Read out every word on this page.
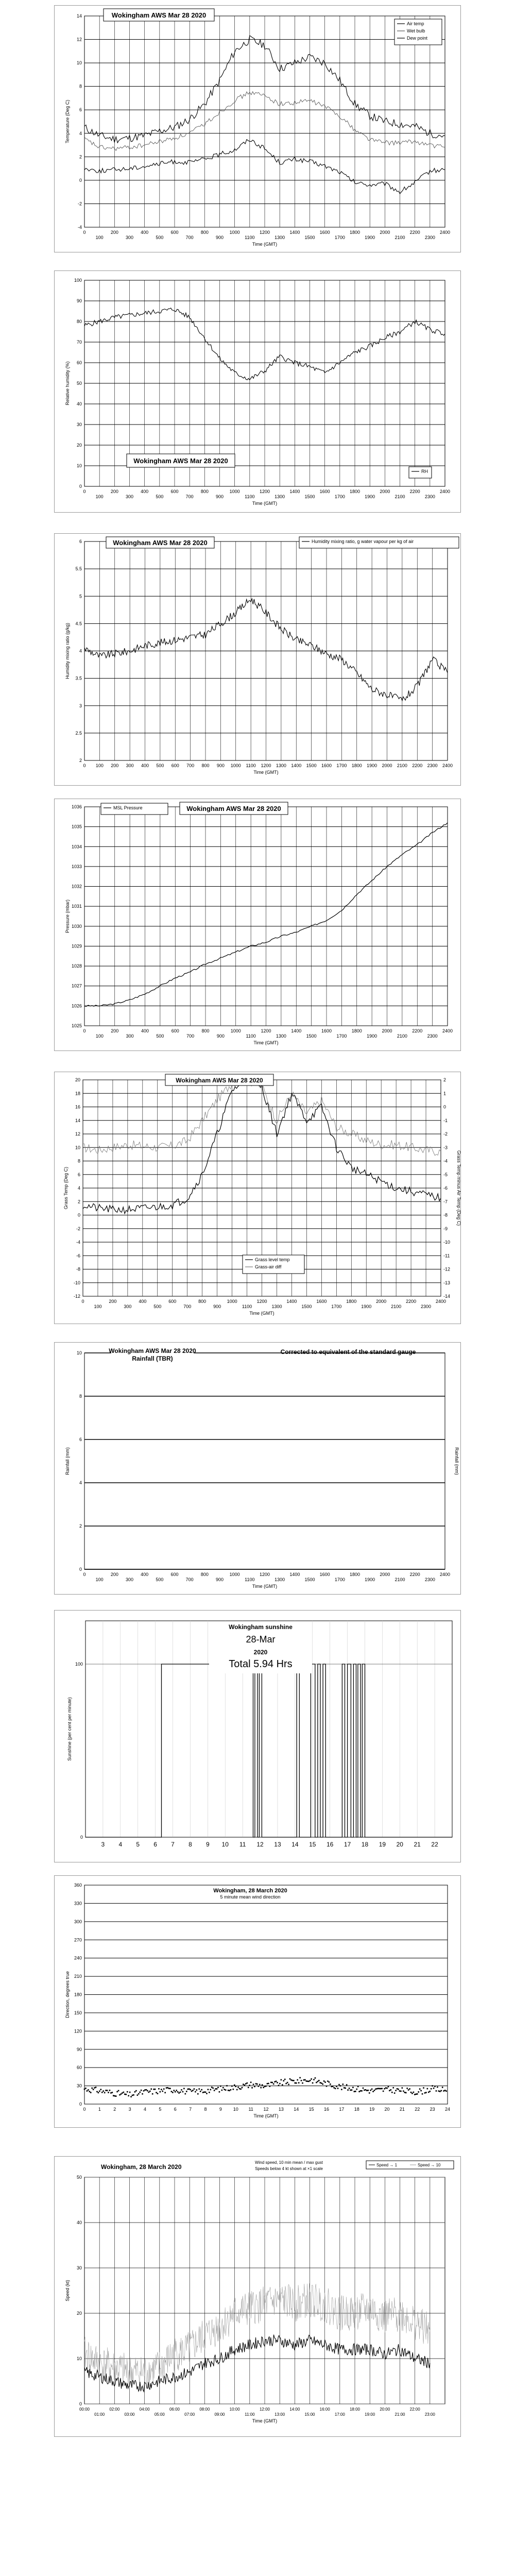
-4
-2
0
2
4
6
8
10
12
14
0
100
200
300
400
500
600
700
800
900
1000
1100
1200
1300
1400
1500
1600
1700
1800
1900
2000
2100
2200
2300
2400
Time (GMT)
Temperature (Deg C)
Wokingham AWS Mar 28 2020
Air temp
Wet bulb
Dew point
0
10
20
30
40
50
60
70
80
90
100
0
100
200
300
400
500
600
700
800
900
1000
1100
1200
1300
1400
1500
1600
1700
1800
1900
2000
2100
2200
2300
2400
Time (GMT)
Relative humidity (%)
Wokingham AWS Mar 28 2020
RH
2
2.5
3
3.5
4
4.5
5
5.5
6
0 100 200 300 400 500 600 700 800 900 1000 1100 1200 1300 1400 1500 1600 1700 1800 1900 2000 2100 2200 2300 2400
Time (GMT)
Humidity mixing ratio (g/kg)
Wokingham AWS Mar 28 2020	Humidity mixing ratio, g water vapour per kg of air
1025
1026
1027
1028
1029
1030
1031
1032
1033
1034
1035
1036
0
100
200
300
400
500
600
700
800
900
1000
1100
1200
1300
1400
1500
1600
1700
1800
1900
2000
2100
2200
2300
2400
Time (GMT)
Pressure (mbar)
MSL Pressure	Wokingham AWS Mar 28 2020
-12
-10
-8
-6
-4
-2
0
2
4
6
8
10
12
14
16
18
20
0
100
200
300
400
500
600
700
800
900
1000
1100
1200
1300
1400
1500
1600
1700
1800
1900
2000
2100
2200
2300
2400
Time (GMT)
Grass Temp (Deg C)
-14
-13
-12
-11
-10
-9
-8
-7
-6
-5
-4
-3
-2
-1
0
1
2
Grass Temp minus Air Temp (Deg C)
Wokingham AWS Mar 28 2020
Grass level temp
Grass-air diff
0
2
4
6
8
10
0
100
200
300
400
500
600
700
800
900
1000
1100
1200
1300
1400
1500
1600
1700
1800
1900
2000
2100
2200
2300
2400
Time (GMT)
Rainfall (mm)	Rainfall (mm)
Wokingham AWS Mar 28 2020
Rainfall (TBR)
Corrected to equivalent of the standard gauge
3 4 5 6 7 8 9 10 11 12 13 14 15 16 17 18 19 20 21 22
0
100
Sunshine (per cent per minute)
Wokingham sunshine
28-Mar
2020
Total 5.94 Hrs
0
30
60
90
120
150
180
210
240
270
300
330
360
0	1	2	3	4	5	6	7	8	9 10 11 12 13 14 15 16 17 18 19 20 21 22 23 24
Time (GMT)
Direction, degrees true
Wokingham, 28 March 2020
5 minute mean wind direction
0
10
20
30
40
50
00:00
01:00
02:00
03:00
04:00
05:00
06:00
07:00
08:00
09:00
10:00
11:00
12:00
13:00
14:00
15:00
16:00
17:00
18:00
19:00
20:00
21:00
22:00
23:00
Time (GMT)
Speed (kt)
Wokingham, 28 March 2020
Wind speed, 10 min mean / max gust
Speeds below 4 kt shown at ×1 scale
Speed → 1	Speed → 10
